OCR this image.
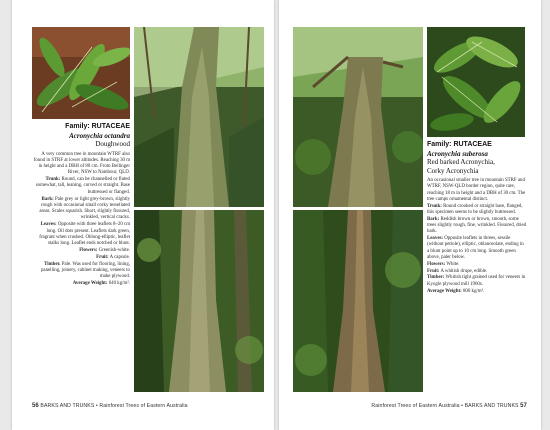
Family: RUTACEAE
Acronychia octandra
Doughwood

A very common tree in mountain WTRF also found in STRF at lower altitudes. Reaching 30 m in height and a DBH of 80 cm. From Bellinger River, NSW to Nambour, QLD.

Trunk: Round, can be channelled or fluted somewhat, tall, leaning, curved or straight. Base buttressed or flanged.

Bark: Pale grey or light grey-brown, slightly rough with occasional small corky tessellated areas. Scales squarish. Short, slightly fissured, wrinkled, vertical cracks.

Leaves: Opposite with three leaflets 8–20 cm long. Oil dots present. Leaflets dark green, fragrant when crushed. Oblong-elliptic, leaflet stalks long. Leaflet ends notched or blunt.

Flowers: Greenish-white.

Fruit: A capsule.

Timber. Pale. Was used for flooring, lining, panelling, joinery, cabinet making, veneers to make plywood.

Average Weight: 640 kg/m³.

56 BARKS AND TRUNKS • Rainforest Trees of Eastern Australia
Family: RUTACEAE
Acronychia suberosa
Red barked Acronychia,
Corky Acronychia

An occasional smaller tree in mountain STRF and WTRF, NSW-QLD border region, quite rare, reaching 18 m in height and a DBH of 30 cm. The tree camps ornamental distinct.

Trunk: Round crooked or straight base, flanged, this specimen seems to be slightly buttressed.

Bark: Reddish brown or brown, smooth, some trees slightly rough, fine, wrinkled. Fissured, dried bark.

Leaves: Opposite leaflets in threes, sessile (without petiole), elliptic, oblanceolate, ending in a blunt point up to 10 cm long. Smooth green above, paler below.

Flowers: White.

Fruit: A whitish drupe, edible.

Timber: Whitish tight grained used for veneers in Kyogle plywood mill 1960s.

Average Weight: 800 kg/m³.

Rainforest Trees of Eastern Australia • BARKS AND TRUNKS 57
